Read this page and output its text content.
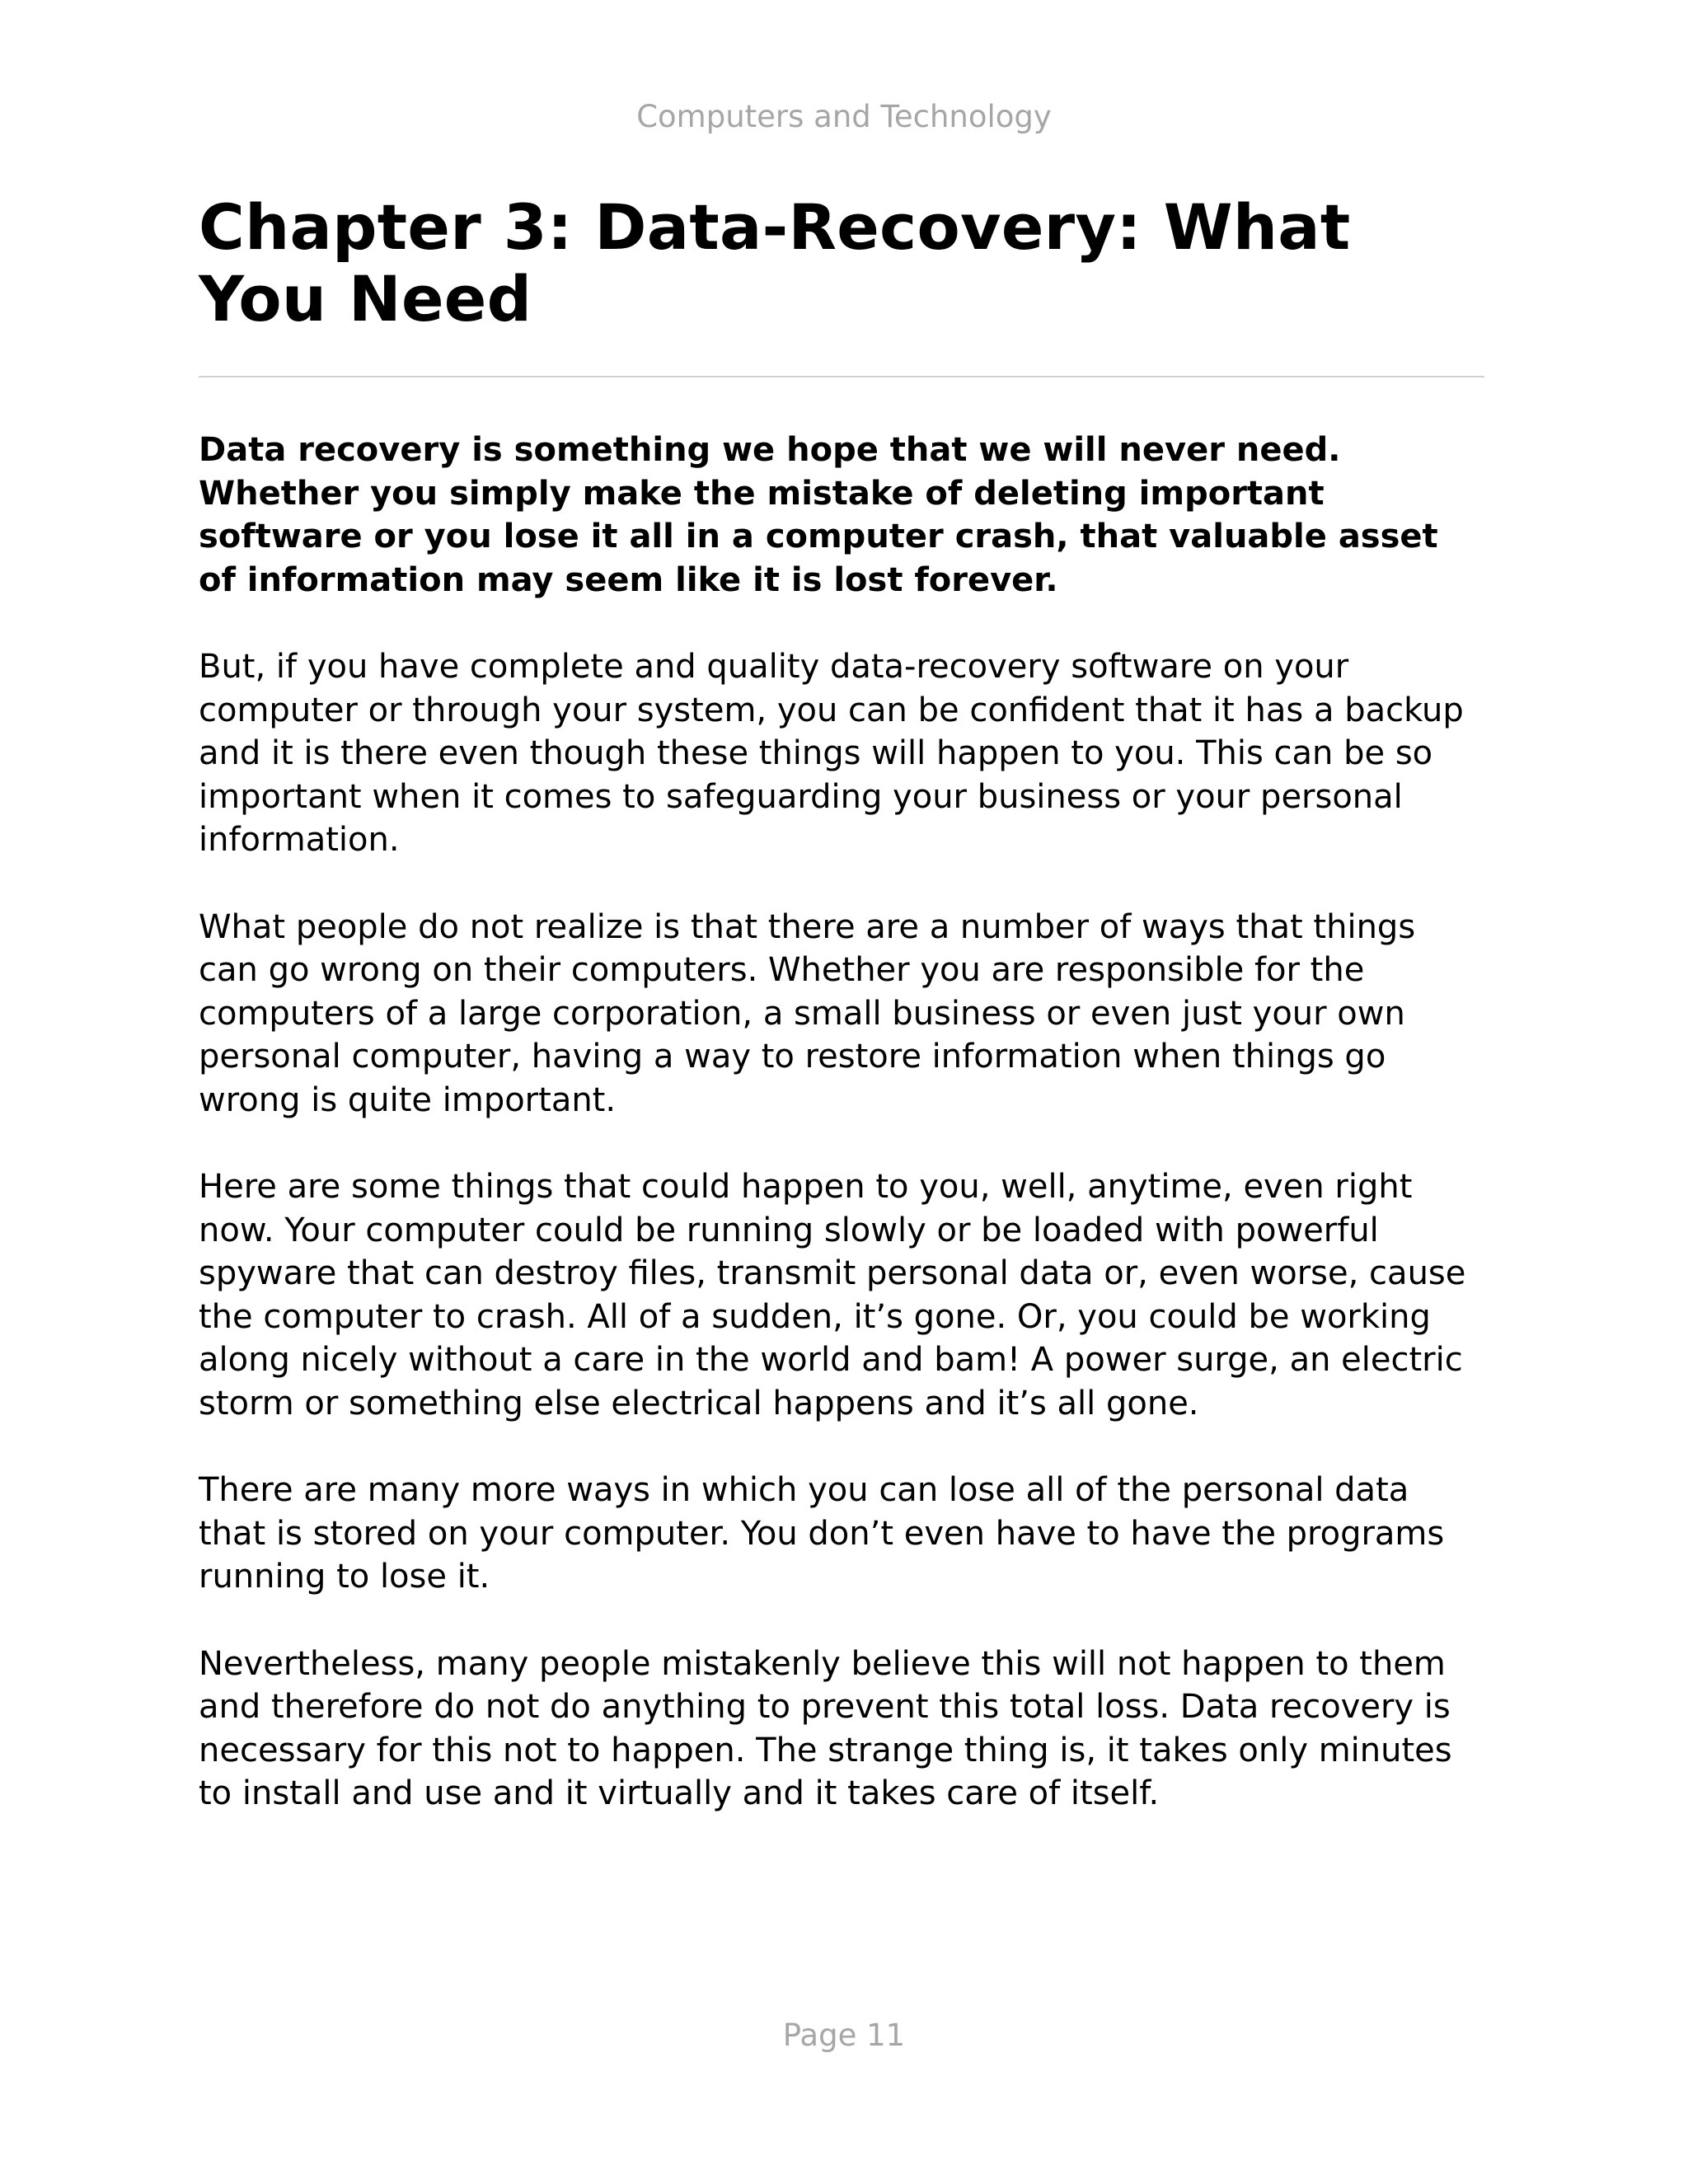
Computers and Technology
Chapter 3: Data-Recovery: What You Need

Data recovery is something we hope that we will never need. Whether you simply make the mistake of deleting important software or you lose it all in a computer crash, that valuable asset of information may seem like it is lost forever.

But, if you have complete and quality data-recovery software on your computer or through your system, you can be confident that it has a backup and it is there even though these things will happen to you. This can be so important when it comes to safeguarding your business or your personal information.

What people do not realize is that there are a number of ways that things can go wrong on their computers. Whether you are responsible for the computers of a large corporation, a small business or even just your own personal computer, having a way to restore information when things go wrong is quite important.

Here are some things that could happen to you, well, anytime, even right now. Your computer could be running slowly or be loaded with powerful spyware that can destroy files, transmit personal data or, even worse, cause the computer to crash. All of a sudden, it’s gone. Or, you could be working along nicely without a care in the world and bam! A power surge, an electric storm or something else electrical happens and it’s all gone.

There are many more ways in which you can lose all of the personal data that is stored on your computer. You don’t even have to have the programs running to lose it.

Nevertheless, many people mistakenly believe this will not happen to them and therefore do not do anything to prevent this total loss. Data recovery is necessary for this not to happen. The strange thing is, it takes only minutes to install and use and it virtually and it takes care of itself.

Page 11
